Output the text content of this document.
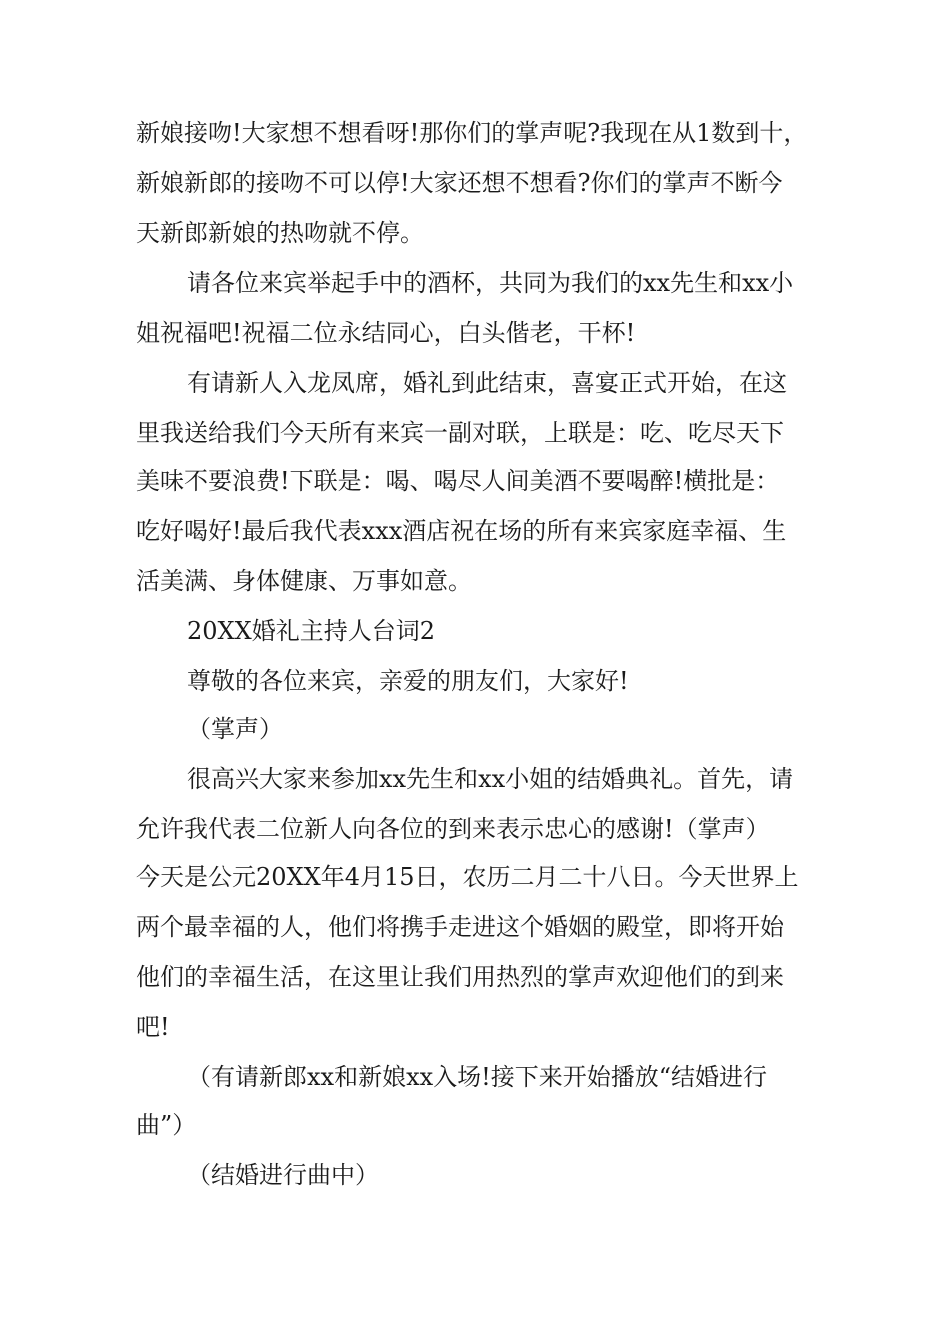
新娘接吻!大家想不想看呀!那你们的掌声呢?我现在从1数到十，
新娘新郎的接吻不可以停!大家还想不想看?你们的掌声不断今
天新郎新娘的热吻就不停。
请各位来宾举起手中的酒杯，共同为我们的xx先生和xx小
姐祝福吧!祝福二位永结同心，白头偕老，干杯!
有请新人入龙凤席，婚礼到此结束，喜宴正式开始，在这
里我送给我们今天所有来宾一副对联，上联是：吃、吃尽天下
美味不要浪费!下联是：喝、喝尽人间美酒不要喝醉!横批是：
吃好喝好!最后我代表xxx酒店祝在场的所有来宾家庭幸福、生
活美满、身体健康、万事如意。
20XX婚礼主持人台词2
尊敬的各位来宾，亲爱的朋友们，大家好!
（掌声）
很高兴大家来参加xx先生和xx小姐的结婚典礼。首先，请
允许我代表二位新人向各位的到来表示忠心的感谢!（掌声）
今天是公元20XX年4月15日，农历二月二十八日。今天世界上
两个最幸福的人，他们将携手走进这个婚姻的殿堂，即将开始
他们的幸福生活，在这里让我们用热烈的掌声欢迎他们的到来
吧!
（有请新郎xx和新娘xx入场!接下来开始播放“结婚进行
曲”）
（结婚进行曲中）
